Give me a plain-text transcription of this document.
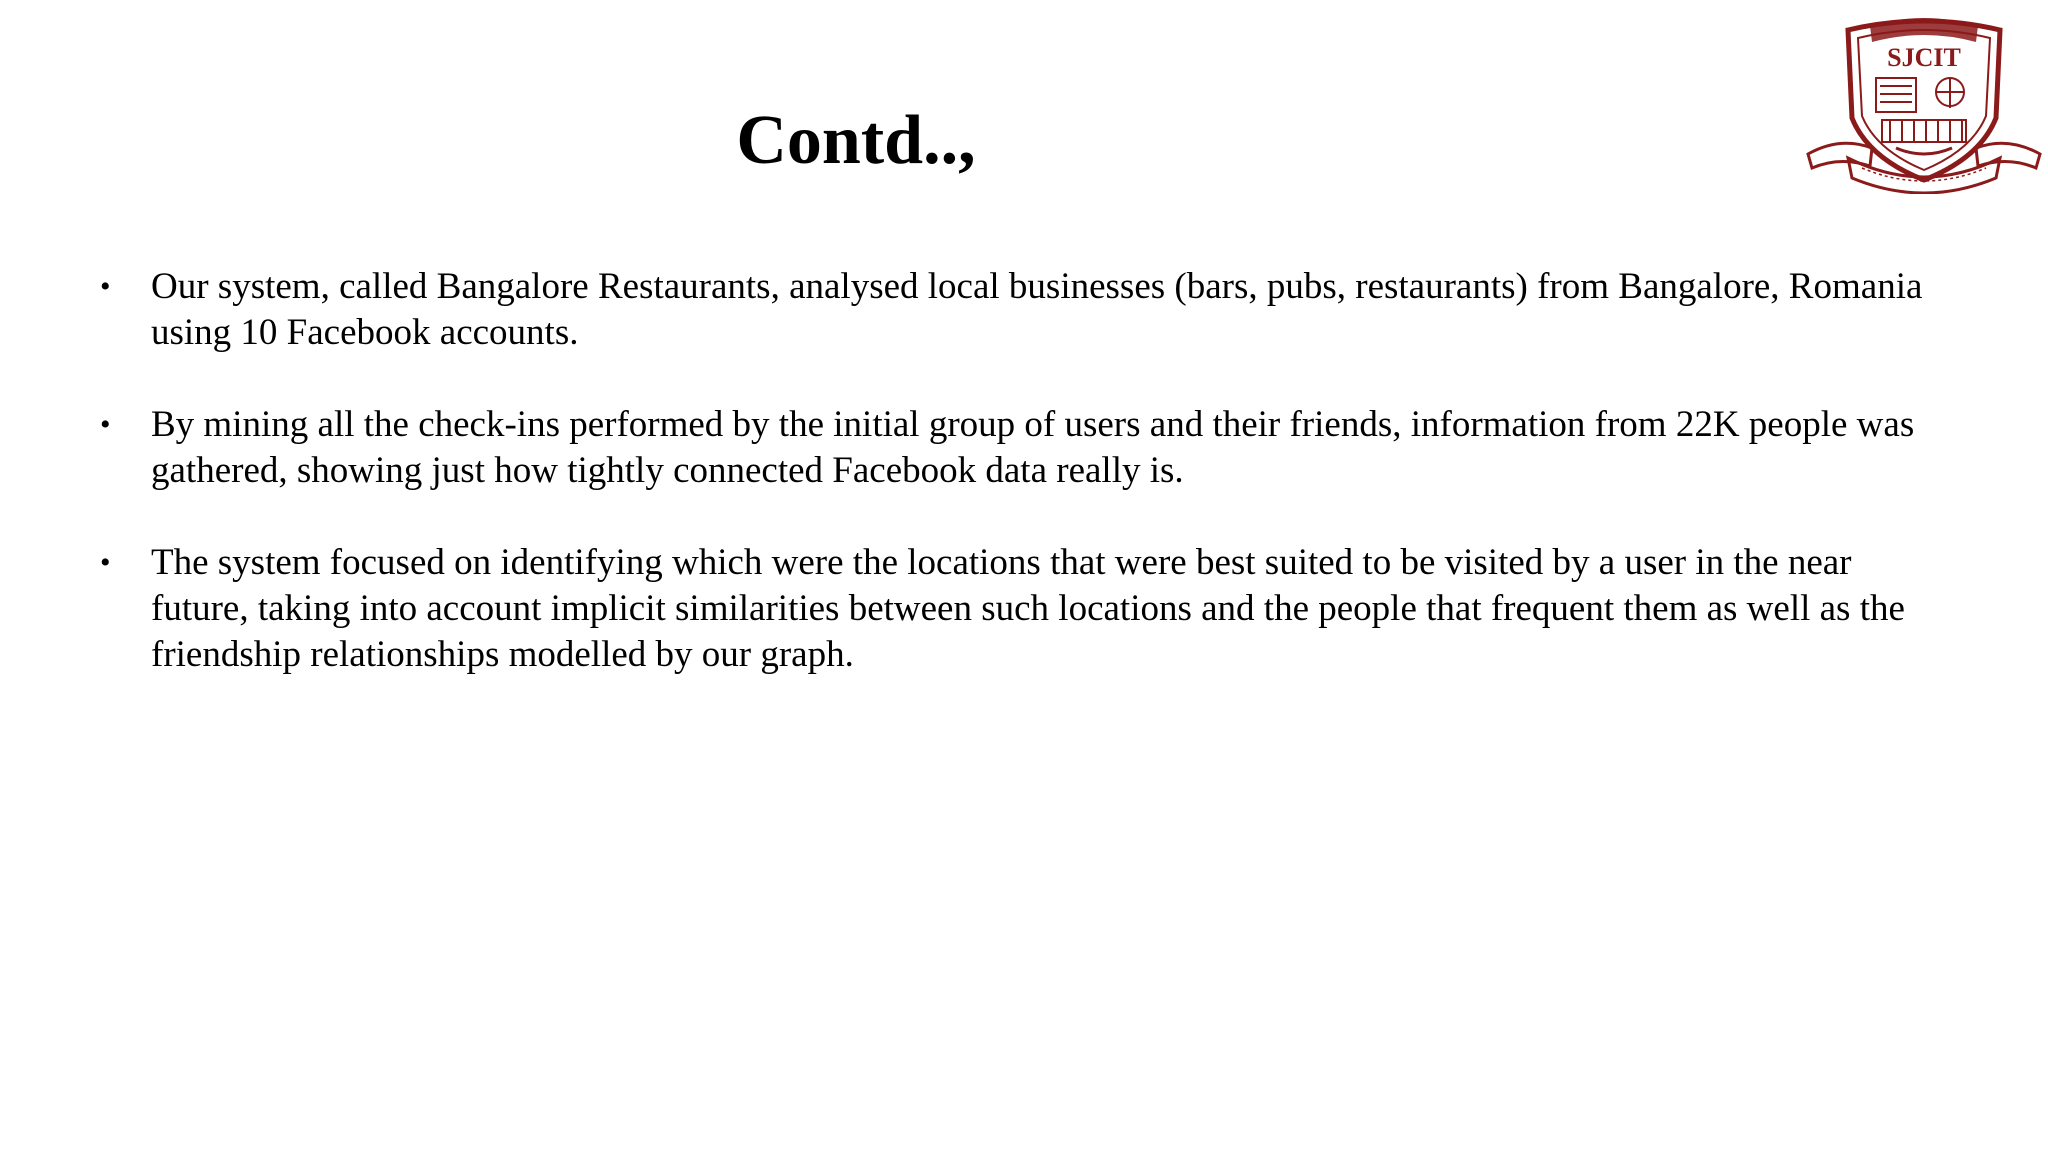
Contd..,
• Our system, called Bangalore Restaurants, analysed local businesses (bars, pubs, restaurants) from Bangalore, Romania using 10 Facebook accounts.
• By mining all the check-ins performed by the initial group of users and their friends, information from 22K people was gathered, showing just how tightly connected Facebook data really is.
• The system focused on identifying which were the locations that were best suited to be visited by a user in the near future, taking into account implicit similarities between such locations and the people that frequent them as well as the friendship relationships modelled by our graph.
SJCIT
